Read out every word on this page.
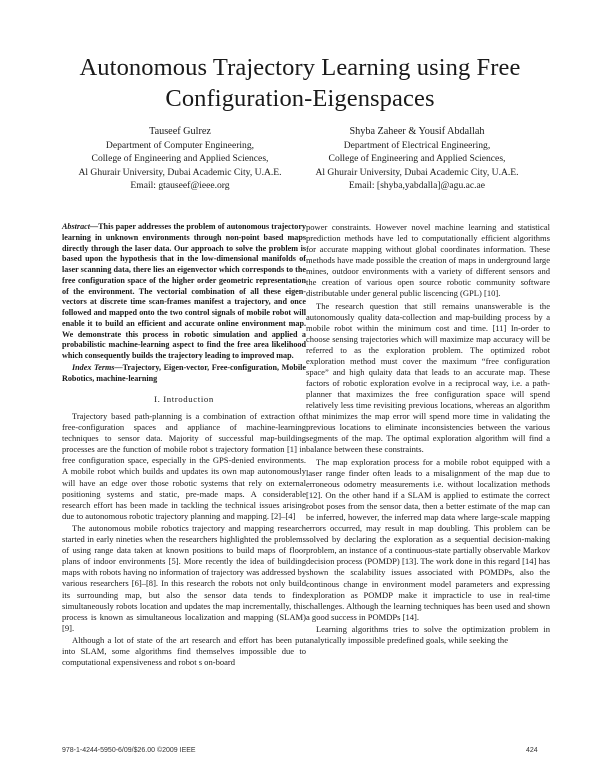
Autonomous Trajectory Learning using Free
Configuration-Eigenspaces
Tauseef Gulrez
Department of Computer Engineering,
College of Engineering and Applied Sciences,
Al Ghurair University, Dubai Academic City, U.A.E.
Email: gtauseef@ieee.org
Shyba Zaheer & Yousif Abdallah
Department of Electrical Engineering,
College of Engineering and Applied Sciences,
Al Ghurair University, Dubai Academic City, U.A.E.
Email: [shyba,yabdalla]@agu.ac.ae
Abstract—This paper addresses the problem of autonomous trajectory learning in unknown environments through non-point based maps directly through the laser data. Our approach to solve the problem is based upon the hypothesis that in the low-dimensional manifolds of laser scanning data, there lies an eigenvector which corresponds to the free configuration space of the higher order geometric representation of the environment. The vectorial combination of all these eigen-vectors at discrete time scan-frames manifest a trajectory, and once followed and mapped onto the two control signals of mobile robot will enable it to build an efficient and accurate online environment map. We demonstrate this process in robotic simulation and applied a probabilistic machine-learning aspect to find the free area likelihood which consequently builds the trajectory leading to improved map.
Index Terms—Trajectory, Eigen-vector, Free-configuration, Mobile Robotics, machine-learning
I. Introduction

Trajectory based path-planning is a combination of extraction of free-configuration spaces and appliance of machine-learning techniques to sensor data. Majority of successful map-building processes are the function of mobile robot s trajectory formation [1] in free configuration space, especially in the GPS-denied environments. A mobile robot which builds and updates its own map autonomously will have an edge over those robotic systems that rely on external positioning systems and static, pre-made maps. A considerable research effort has been made in tackling the technical issues arising due to autonomous robotic trajectory planning and mapping. [2]–[4]

The autonomous mobile robotics trajectory and mapping research started in early nineties when the researchers highlighted the problems of using range data taken at known positions to build maps of floor plans of indoor environments [5]. More recently the idea of building maps with robots having no information of trajectory was addressed by various researchers [6]–[8]. In this research the robots not only build its surrounding map, but also the sensor data tends to find simultaneously robots location and updates the map incrementally, this process is known as simultaneous localization and mapping (SLAM) [9].

Although a lot of state of the art research and effort has been put into SLAM, some algorithms find themselves impossible due to computational expensiveness and robot s on-board

power constraints. However novel machine learning and statistical prediction methods have led to computationally efficient algorithms for accurate mapping without global coordinates information. These methods have made possible the creation of maps in underground large mines, outdoor environments with a variety of different sensors and the creation of various open source robotic community software distributable under general public liscencing (GPL) [10].

The research question that still remains unanswerable is the autonomously quality data-collection and map-building process by a mobile robot within the minimum cost and time. [11] In-order to choose sensing trajectories which will maximize map accuracy will be referred to as the exploration problem. The optimized robot exploration method must cover the maximum “free configuration space” and high qulaity data that leads to an accurate map. These factors of robotic exploration evolve in a reciprocal way, i.e. a path-planner that maximizes the free configuration space will spend relatively less time revisiting previous locations, whereas an algorithm that minimizes the map error will spend more time in validating the previous locations to eliminate inconsistencies between the various segments of the map. The optimal exploration algorithm will find a balance between these constraints.

The map exploration process for a mobile robot equipped with a laser range finder often leads to a misalignment of the map due to erroneous odometry measurements i.e. without localization methods [12]. On the other hand if a SLAM is applied to estimate the correct robot poses from the sensor data, then a better estimate of the map can be inferred, however, the inferred map data where large-scale mapping errors occurred, may result in map doubling. This problem can be solved by declaring the exploration as a sequential decision-making problem, an instance of a continuous-state partially observable Markov decision process (POMDP) [13]. The work done in this regard [14] has shown the scalability issues associated with POMDPs, also the continous change in environment model parameters and expressing exploration as POMDP make it impracticle to use in real-time challenges. Although the learning techniques has been used and shown a good success in POMDPs [14].

Learning algorithms tries to solve the optimization problem in analytically impossible predefined goals, while seeking the

978-1-4244-5950-6/09/$26.00 ©2009 IEEE	424
